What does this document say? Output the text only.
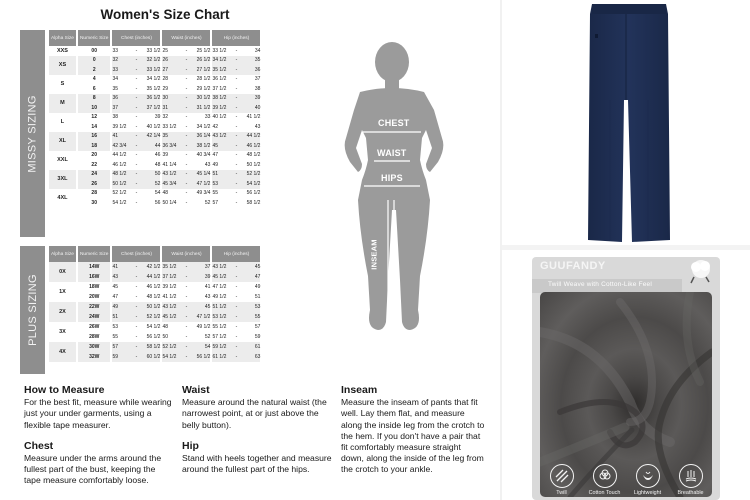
Women's Size Chart
MISSY SIZING
Alpha Size	Numeric Size	Chest (inches)	Waist (inches)	Hip (inches)
XXS	00	33 - 33 1/2	25 - 25 1/2	33 1/2 - 34
XS	0	32 - 32 1/2	26 - 26 1/2	34 1/2 - 35
	2	33 - 33 1/2	27 - 27 1/2	35 1/2 - 36
S	4	34 - 34 1/2	28 - 28 1/2	36 1/2 - 37
	6	35 - 35 1/2	29 - 29 1/2	37 1/2 - 38
M	8	36 - 36 1/2	30 - 30 1/2	38 1/2 - 39
	10	37 - 37 1/2	31 - 31 1/2	39 1/2 - 40
L	12	38 - 39	32 - 33	40 1/2 - 41 1/2
	14	39 1/2 - 40 1/2	33 1/2 - 34 1/2	42 - 43
XL	16	41 - 42 1/4	35 - 36 1/4	43 1/2 - 44 1/2
	18	42 3/4 - 44	36 3/4 - 38 1/2	45 - 46 1/2
XXL	20	44 1/2 - 46	39 - 40 3/4	47 - 48 1/2
	22	46 1/2 - 48	41 1/4 - 43	49 - 50 1/2
3XL	24	48 1/2 - 50	43 1/2 - 45 1/4	51 - 52 1/2
	26	50 1/2 - 52	45 3/4 - 47 1/2	53 - 54 1/2
4XL	28	52 1/2 - 54	48 - 49 3/4	55 - 56 1/2
	30	54 1/2 - 56	50 1/4 - 52	57 - 58 1/2
PLUS SIZING
Alpha Size	Numeric Size	Chest (inches)	Waist (inches)	Hip (inches)
0X	14W	41 - 42 1/2	35 1/2 - 37	43 1/2 - 45
	16W	43 - 44 1/2	37 1/2 - 39	45 1/2 - 47
1X	18W	45 - 46 1/2	39 1/2 - 41	47 1/2 - 49
	20W	47 - 48 1/2	41 1/2 - 43	49 1/2 - 51
2X	22W	49 - 50 1/2	43 1/2 - 45	51 1/2 - 53
	24W	51 - 52 1/2	45 1/2 - 47 1/2	53 1/2 - 55
3X	26W	53 - 54 1/2	48 - 49 1/2	55 1/2 - 57
	28W	55 - 56 1/2	50 - 52	57 1/2 - 59
4X	30W	57 - 58 1/2	52 1/2 - 54	59 1/2 - 61
	32W	59 - 60 1/2	54 1/2 - 56 1/2	61 1/2 - 63
CHEST
WAIST
HIPS
INSEAM
How to Measure

For the best fit, measure while wearing just your under garments, using a flexible tape measurer.

Chest

Measure under the arms around the fullest part of the bust, keeping the tape measure comfortably loose.

Waist

Measure around the natural waist (the narrowest point, at or just above the belly button).

Hip

Stand with heels together and measure around the fullest part of the hips.

Inseam

Measure the inseam of pants that fit well. Lay them flat, and measure along the inside leg from the crotch to the hem. If you don't have a pair that fit comfortably measure straight down, along the inside of the leg from the crotch to your ankle.

GUUFANDY
Twill Weave with Cotton-Like Feel
Twill	Cotton Touch	Lightweight	Breathable
